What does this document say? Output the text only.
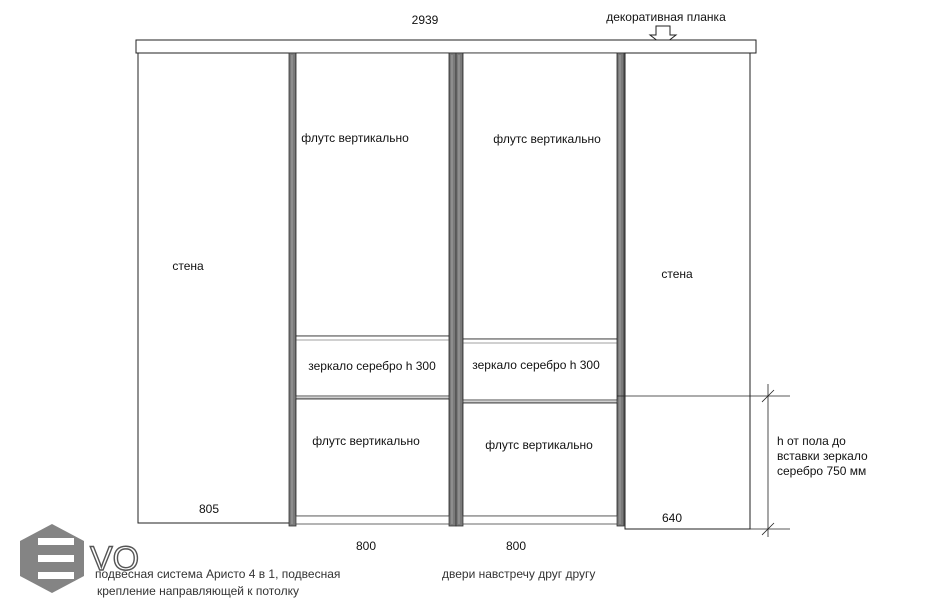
2939	декоративная планка
флутс вертикально
зеркало серебро h 300
флутс вертикально
флутс вертикально
зеркало серебро h 300
флутс вертикально
стена
стена
805
640
800	800
h от пола до
вставки зеркало
серебро 750 мм
подвесная система Аристо 4 в 1, подвесная
крепление направляющей к потолку
двери навстречу друг другу
VO
